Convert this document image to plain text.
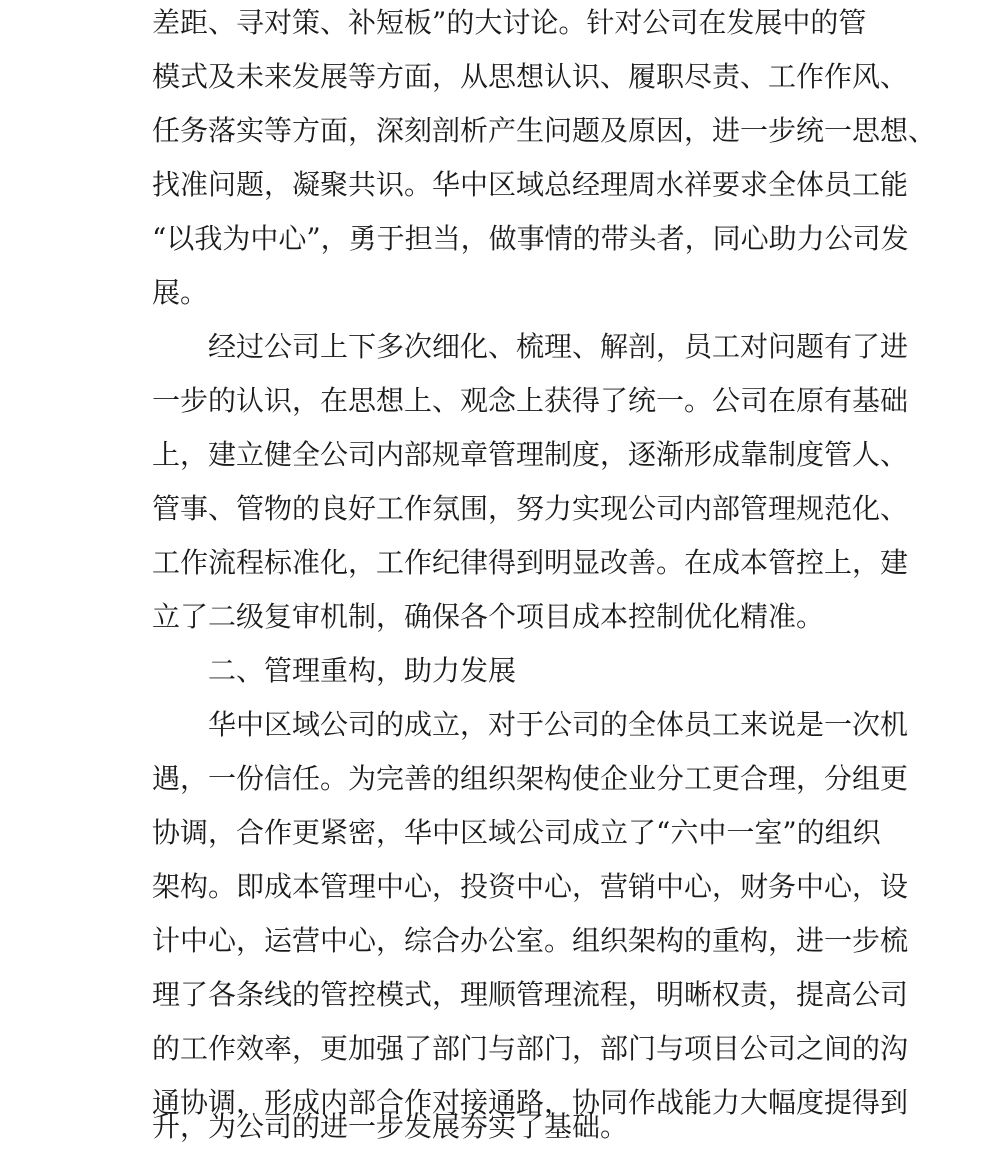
差距、寻对策、补短板”的大讨论。针对公司在发展中的管
模式及未来发展等方面，从思想认识、履职尽责、工作作风、
任务落实等方面，深刻剖析产生问题及原因，进一步统一思想、
找准问题，凝聚共识。华中区域总经理周水祥要求全体员工能
“以我为中心”，勇于担当，做事情的带头者，同心助力公司发
展。
经过公司上下多次细化、梳理、解剖，员工对问题有了进
一步的认识，在思想上、观念上获得了统一。公司在原有基础
上，建立健全公司内部规章管理制度，逐渐形成靠制度管人、
管事、管物的良好工作氛围，努力实现公司内部管理规范化、
工作流程标准化，工作纪律得到明显改善。在成本管控上，建
立了二级复审机制，确保各个项目成本控制优化精准。
二、管理重构，助力发展
华中区域公司的成立，对于公司的全体员工来说是一次机
遇，一份信任。为完善的组织架构使企业分工更合理，分组更
协调，合作更紧密，华中区域公司成立了“六中一室”的组织
架构。即成本管理中心，投资中心，营销中心，财务中心，设
计中心，运营中心，综合办公室。组织架构的重构，进一步梳
理了各条线的管控模式，理顺管理流程，明晰权责，提高公司
的工作效率，更加强了部门与部门，部门与项目公司之间的沟
通协调，形成内部合作对接通路，协同作战能力大幅度提得到
升，为公司的进一步发展夯实了基础。
